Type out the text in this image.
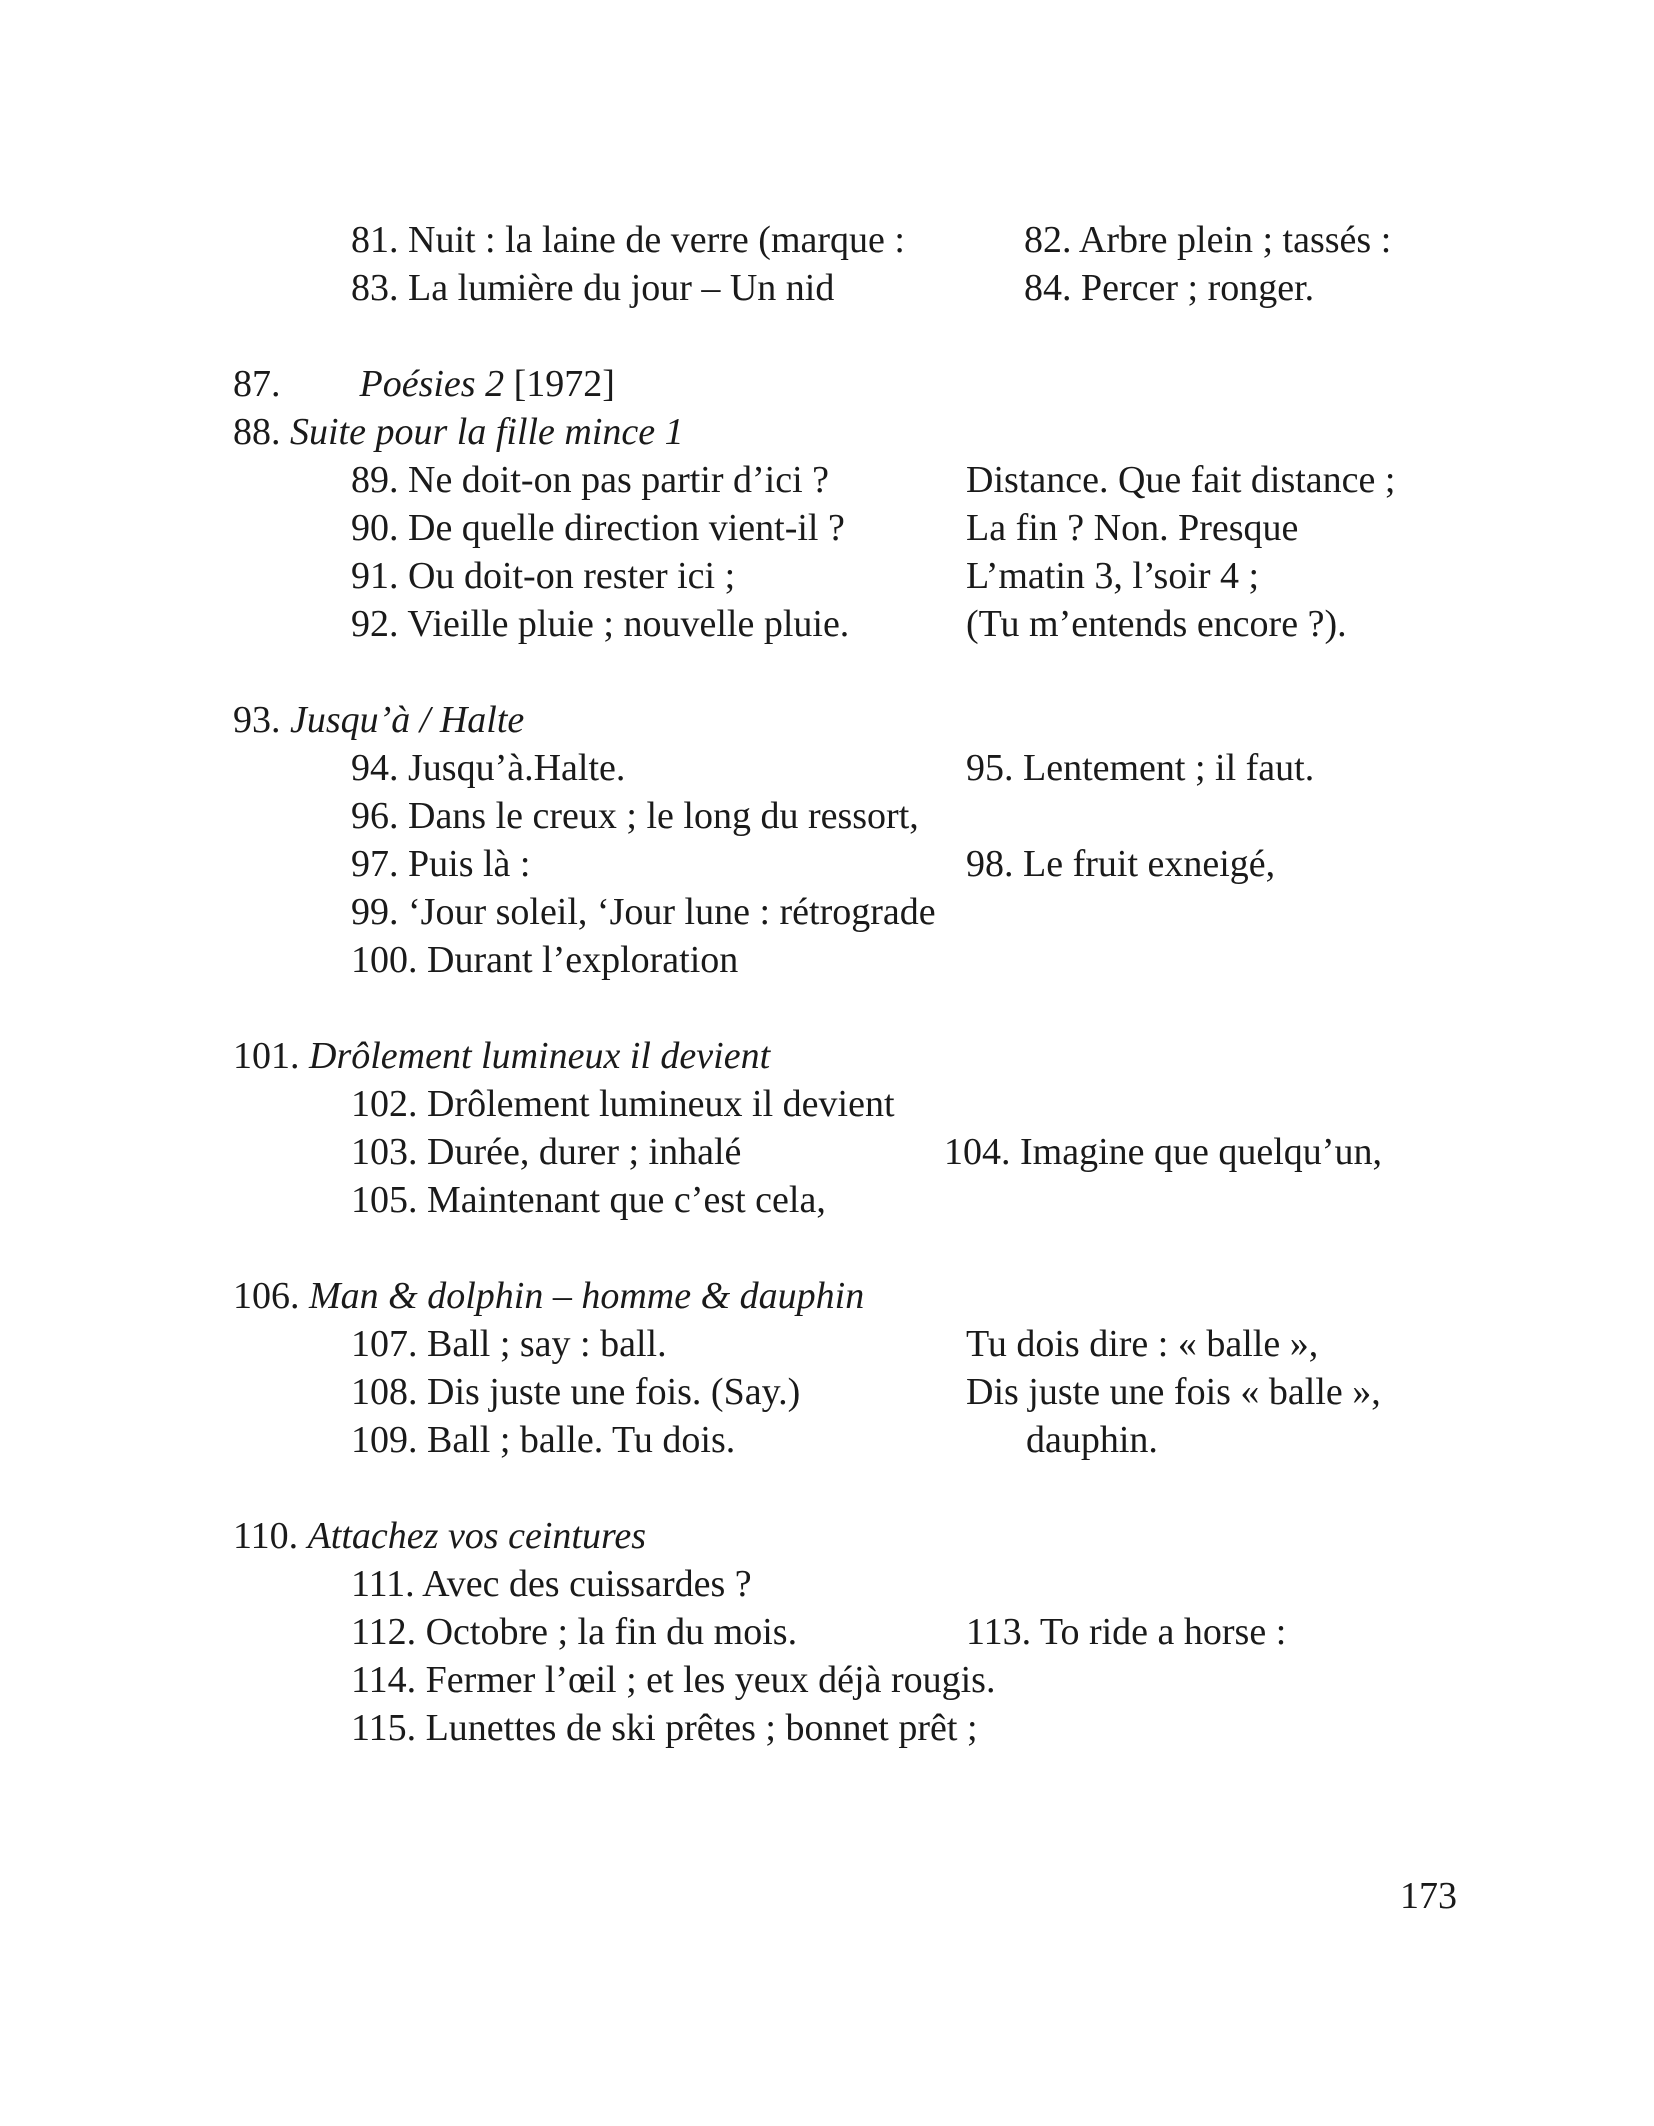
81. Nuit : la laine de verre (marque :	82. Arbre plein ; tassés :
83. La lumière du jour – Un nid	84. Percer ; ronger.
87. Poésies 2 [1972]
88. Suite pour la fille mince 1
89. Ne doit-on pas partir d’ici ?	Distance. Que fait distance ;
90. De quelle direction vient-il ?	La fin ? Non. Presque
91. Ou doit-on rester ici ;	L’matin 3, l’soir 4 ;
92. Vieille pluie ; nouvelle pluie.	(Tu m’entends encore ?).
93. Jusqu’à / Halte
94. Jusqu’à.Halte.	95. Lentement ; il faut.
96. Dans le creux ; le long du ressort,
97. Puis là :	98. Le fruit exneigé,
99. ‘Jour soleil, ‘Jour lune : rétrograde
100. Durant l’exploration
101. Drôlement lumineux il devient
102. Drôlement lumineux il devient
103. Durée, durer ; inhalé	104. Imagine que quelqu’un,
105. Maintenant que c’est cela,
106. Man & dolphin – homme & dauphin
107. Ball ; say : ball.	Tu dois dire : « balle »,
108. Dis juste une fois. (Say.)	Dis juste une fois « balle »,
109. Ball ; balle. Tu dois.	dauphin.
110. Attachez vos ceintures
111. Avec des cuissardes ?
112. Octobre ; la fin du mois.	113. To ride a horse :
114. Fermer l’œil ; et les yeux déjà rougis.
115. Lunettes de ski prêtes ; bonnet prêt ;
173
